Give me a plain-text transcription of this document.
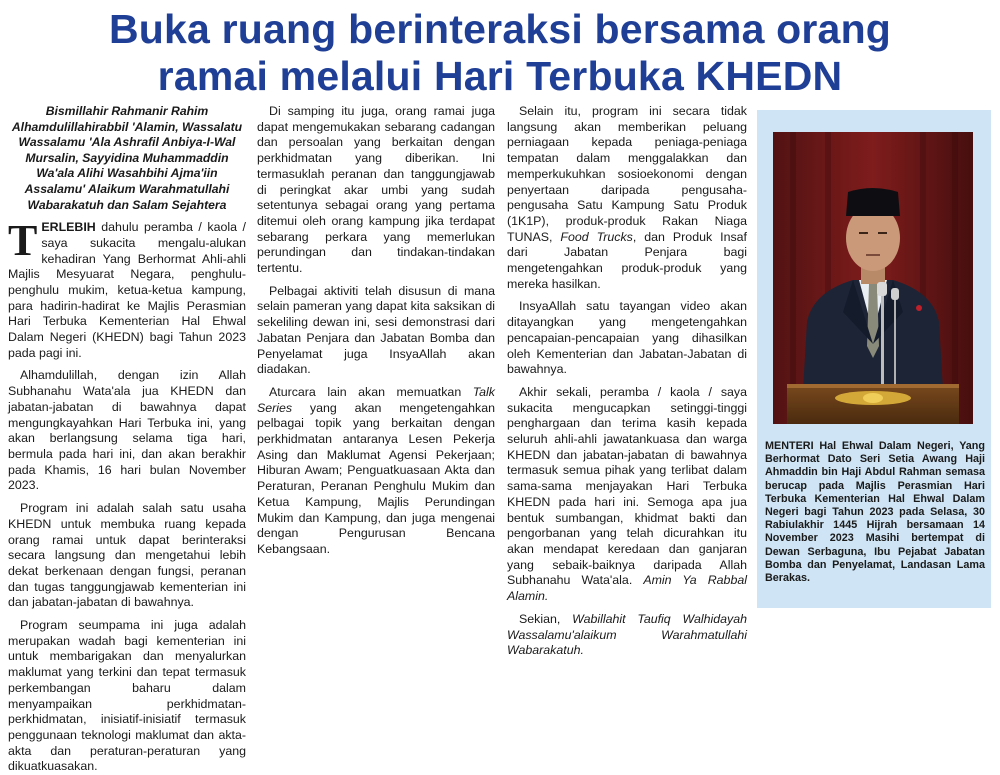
Buka ruang berinteraksi bersama orang
ramai melalui Hari Terbuka KHEDN

Bismillahir Rahmanir Rahim Alhamdulillahirabbil 'Alamin, Wassalatu Wassalamu 'Ala Ashrafil Anbiya-I-Wal Mursalin, Sayyidina Muhammaddin Wa'ala Alihi Wasahbihi Ajma'iin Assalamu' Alaikum Warahmatullahi Wabarakatuh dan Salam Sejahtera

TERLEBIH dahulu peramba / kaola / saya sukacita mengalu-alukan kehadiran Yang Berhormat Ahli-ahli Majlis Mesyuarat Negara, penghulu-penghulu mukim, ketua-ketua kampung, para hadirin-hadirat ke Majlis Perasmian Hari Terbuka Kementerian Hal Ehwal Dalam Negeri (KHEDN) bagi Tahun 2023 pada pagi ini.

Alhamdulillah, dengan izin Allah Subhanahu Wata'ala jua KHEDN dan jabatan-jabatan di bawahnya dapat mengungkayahkan Hari Terbuka ini, yang akan berlangsung selama tiga hari, bermula pada hari ini, dan akan berakhir pada Khamis, 16 hari bulan November 2023.

Program ini adalah salah satu usaha KHEDN untuk membuka ruang kepada orang ramai untuk dapat berinteraksi secara langsung dan mengetahui lebih dekat berkenaan dengan fungsi, peranan dan tugas tanggungjawab kementerian ini dan jabatan-jabatan di bawahnya.

Program seumpama ini juga adalah merupakan wadah bagi kementerian ini untuk membarigakan dan menyalurkan maklumat yang terkini dan tepat termasuk perkembangan baharu dalam menyampaikan perkhidmatan-perkhidmatan, inisiatif-inisiatif termasuk penggunaan teknologi maklumat dan akta-akta dan peraturan-peraturan yang dikuatkuasakan.

Di samping itu juga, orang ramai juga dapat mengemukakan sebarang cadangan dan persoalan yang berkaitan dengan perkhidmatan yang diberikan. Ini termasuklah peranan dan tanggungjawab di peringkat akar umbi yang sudah setentunya sebagai orang yang pertama ditemui oleh orang kampung jika terdapat sebarang perkara yang memerlukan perundingan dan tindakan-tindakan tertentu.

Pelbagai aktiviti telah disusun di mana selain pameran yang dapat kita saksikan di sekeliling dewan ini, sesi demonstrasi dari Jabatan Penjara dan Jabatan Bomba dan Penyelamat juga InsyaAllah akan diadakan.

Aturcara lain akan memuatkan Talk Series yang akan mengetengahkan pelbagai topik yang berkaitan dengan perkhidmatan antaranya Lesen Pekerja Asing dan Maklumat Agensi Pekerjaan; Hiburan Awam; Penguatkuasaan Akta dan Peraturan, Peranan Penghulu Mukim dan Ketua Kampung, Majlis Perundingan Mukim dan Kampung, dan juga mengenai dengan Pengurusan Bencana Kebangsaan.

Selain itu, program ini secara tidak langsung akan memberikan peluang perniagaan kepada peniaga-peniaga tempatan dalam menggalakkan dan memperkukuhkan sosioekonomi dengan penyertaan daripada pengusaha-pengusaha Satu Kampung Satu Produk (1K1P), produk-produk Rakan Niaga TUNAS, Food Trucks, dan Produk Insaf dari Jabatan Penjara bagi mengetengahkan produk-produk yang mereka hasilkan.

InsyaAllah satu tayangan video akan ditayangkan yang mengetengahkan pencapaian-pencapaian yang dihasilkan oleh Kementerian dan Jabatan-Jabatan di bawahnya.

Akhir sekali, peramba / kaola / saya sukacita mengucapkan setinggi-tinggi penghargaan dan terima kasih kepada seluruh ahli-ahli jawatankuasa dan warga KHEDN dan jabatan-jabatan di bawahnya termasuk semua pihak yang terlibat dalam sama-sama menjayakan Hari Terbuka KHEDN pada hari ini. Semoga apa jua bentuk sumbangan, khidmat bakti dan pengorbanan yang telah dicurahkan itu akan mendapat keredaan dan ganjaran yang sebaik-baiknya daripada Allah Subhanahu Wata'ala. Amin Ya Rabbal Alamin.

Sekian, Wabillahit Taufiq Walhidayah Wassalamu'alaikum Warahmatullahi Wabarakatuh.

MENTERI Hal Ehwal Dalam Negeri, Yang Berhormat Dato Seri Setia Awang Haji Ahmaddin bin Haji Abdul Rahman semasa berucap pada Majlis Perasmian Hari Terbuka Kementerian Hal Ehwal Dalam Negeri bagi Tahun 2023 pada Selasa, 30 Rabiulakhir 1445 Hijrah bersamaan 14 November 2023 Masihi bertempat di Dewan Serbaguna, Ibu Pejabat Jabatan Bomba dan Penyelamat, Landasan Lama Berakas.
